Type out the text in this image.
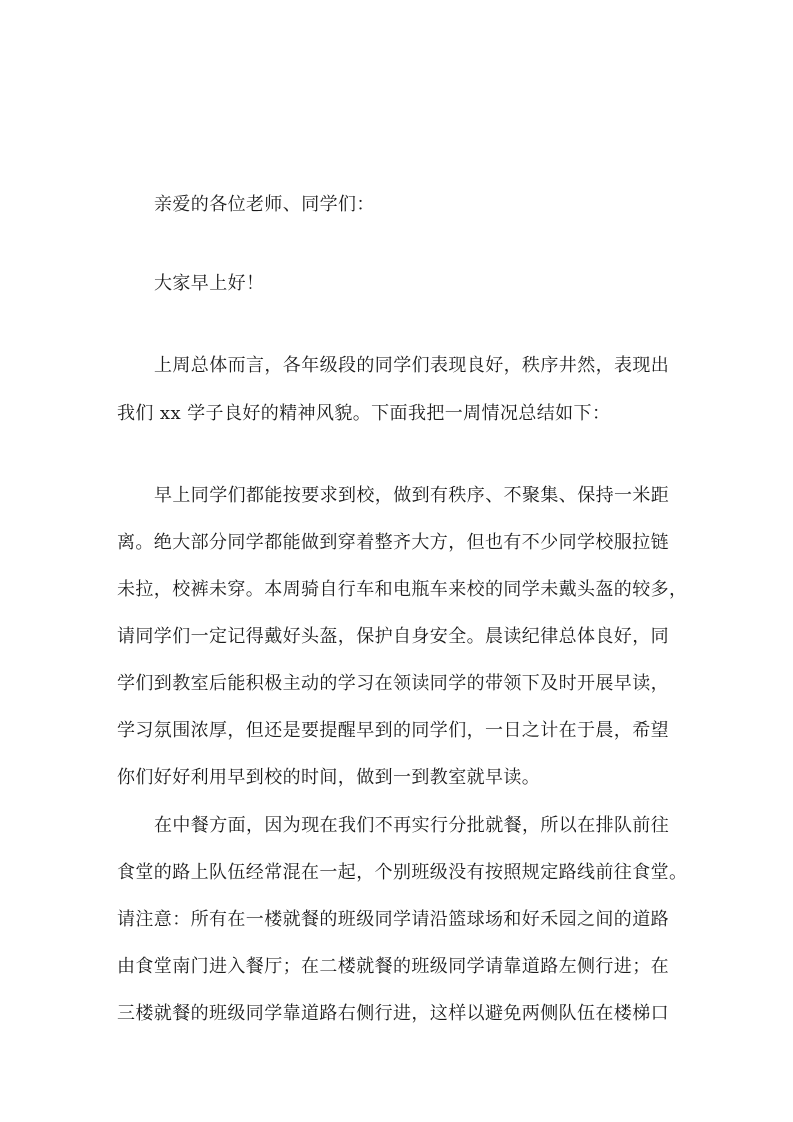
亲爱的各位老师、同学们：
大家早上好！
上周总体而言，各年级段的同学们表现良好，秩序井然，表现出
我们 xx 学子良好的精神风貌。下面我把一周情况总结如下：
早上同学们都能按要求到校，做到有秩序、不聚集、保持一米距
离。绝大部分同学都能做到穿着整齐大方，但也有不少同学校服拉链
未拉，校裤未穿。本周骑自行车和电瓶车来校的同学未戴头盔的较多，
请同学们一定记得戴好头盔，保护自身安全。晨读纪律总体良好，同
学们到教室后能积极主动的学习在领读同学的带领下及时开展早读，
学习氛围浓厚，但还是要提醒早到的同学们，一日之计在于晨，希望
你们好好利用早到校的时间，做到一到教室就早读。
在中餐方面，因为现在我们不再实行分批就餐，所以在排队前往
食堂的路上队伍经常混在一起，个别班级没有按照规定路线前往食堂。
请注意：所有在一楼就餐的班级同学请沿篮球场和好禾园之间的道路
由食堂南门进入餐厅；在二楼就餐的班级同学请靠道路左侧行进；在
三楼就餐的班级同学靠道路右侧行进，这样以避免两侧队伍在楼梯口
